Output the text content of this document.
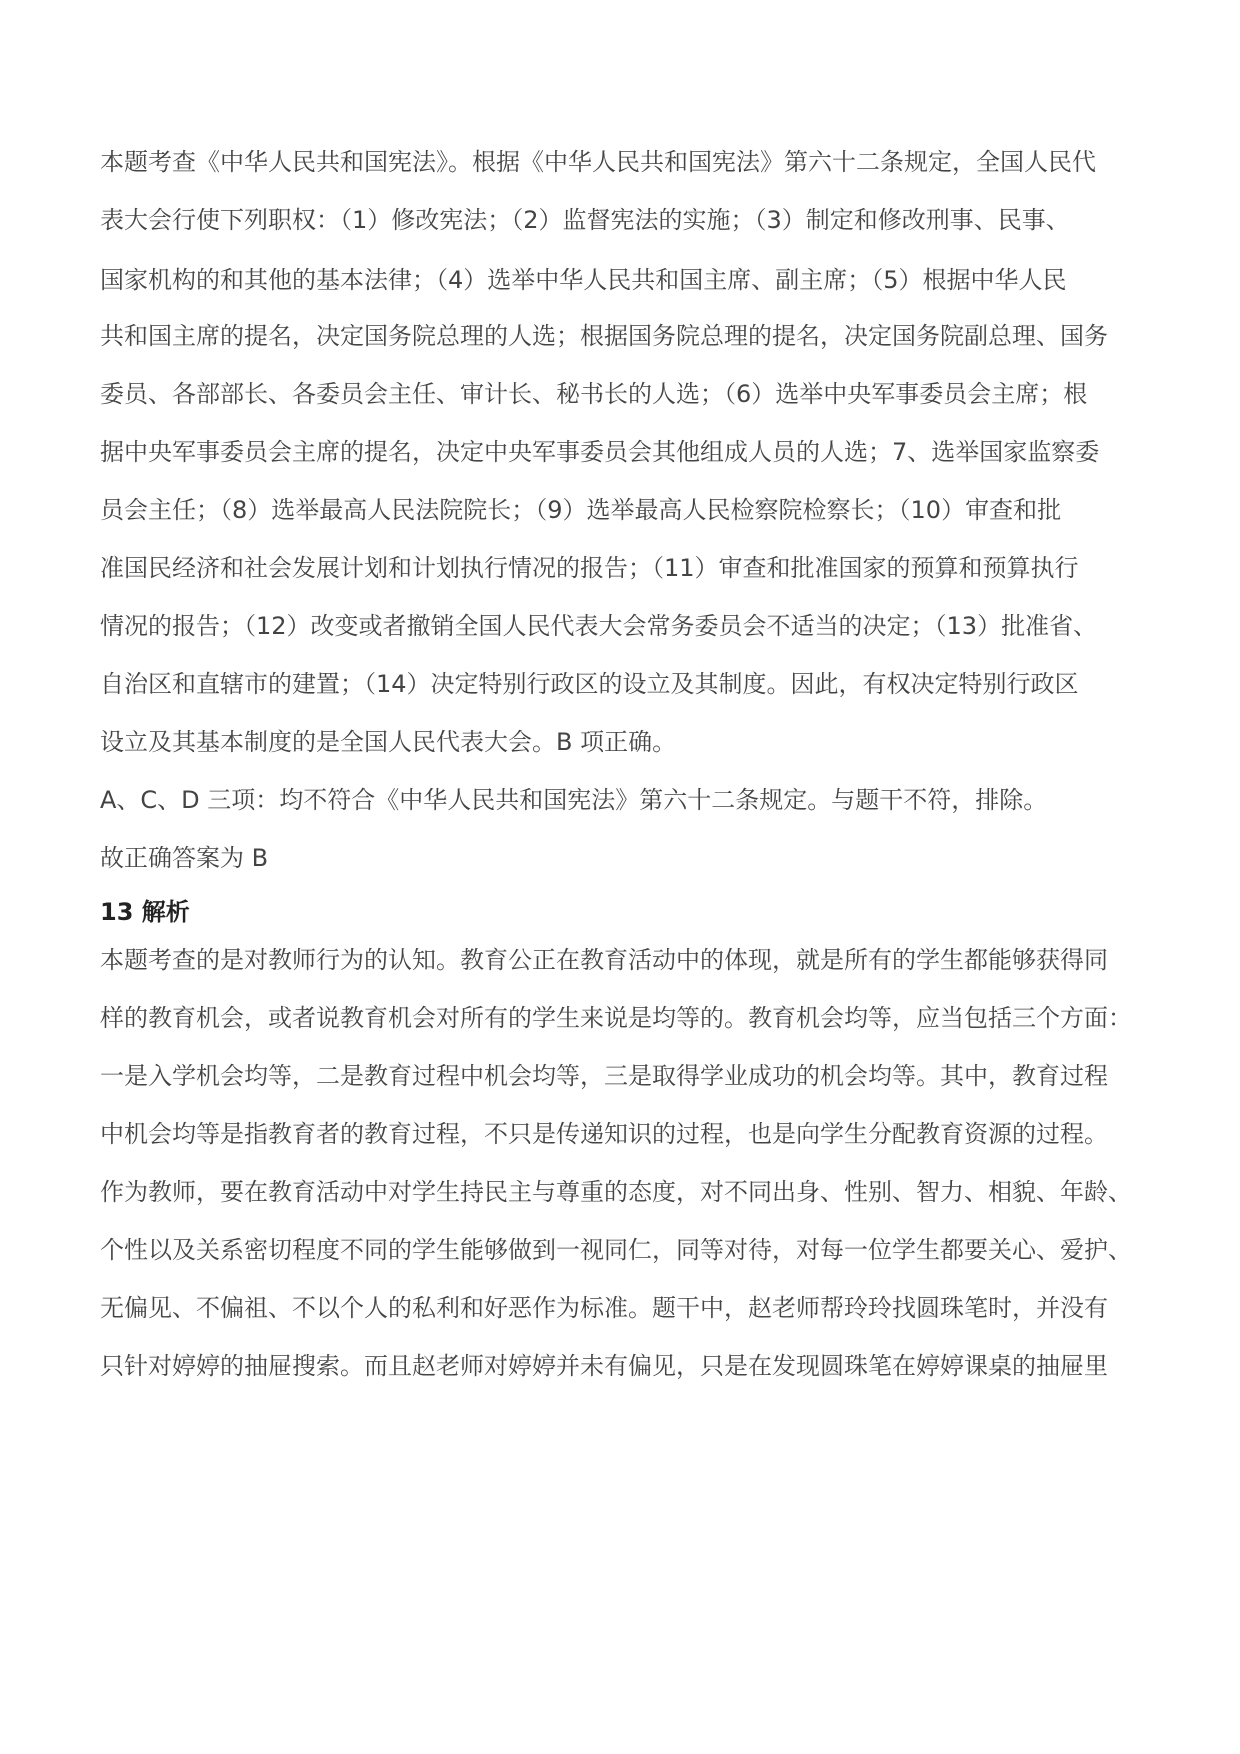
本题考查《中华人民共和国宪法》。根据《中华人民共和国宪法》第六十二条规定，全国人民代
表大会行使下列职权：（1）修改宪法；（2）监督宪法的实施；（3）制定和修改刑事、民事、
国家机构的和其他的基本法律；（4）选举中华人民共和国主席、副主席；（5）根据中华人民
共和国主席的提名，决定国务院总理的人选；根据国务院总理的提名，决定国务院副总理、国务
委员、各部部长、各委员会主任、审计长、秘书长的人选；（6）选举中央军事委员会主席；根
据中央军事委员会主席的提名，决定中央军事委员会其他组成人员的人选；7、选举国家监察委
员会主任；（8）选举最高人民法院院长；（9）选举最高人民检察院检察长；（10）审查和批
准国民经济和社会发展计划和计划执行情况的报告；（11）审查和批准国家的预算和预算执行
情况的报告；（12）改变或者撤销全国人民代表大会常务委员会不适当的决定；（13）批准省、
自治区和直辖市的建置；（14）决定特别行政区的设立及其制度。因此，有权决定特别行政区
设立及其基本制度的是全国人民代表大会。B 项正确。
A、C、D 三项：均不符合《中华人民共和国宪法》第六十二条规定。与题干不符，排除。
故正确答案为 B
13 解析
本题考查的是对教师行为的认知。教育公正在教育活动中的体现，就是所有的学生都能够获得同
样的教育机会，或者说教育机会对所有的学生来说是均等的。教育机会均等，应当包括三个方面：
一是入学机会均等，二是教育过程中机会均等，三是取得学业成功的机会均等。其中，教育过程
中机会均等是指教育者的教育过程，不只是传递知识的过程，也是向学生分配教育资源的过程。
作为教师，要在教育活动中对学生持民主与尊重的态度，对不同出身、性别、智力、相貌、年龄、
个性以及关系密切程度不同的学生能够做到一视同仁，同等对待，对每一位学生都要关心、爱护、
无偏见、不偏祖、不以个人的私利和好恶作为标准。题干中，赵老师帮玲玲找圆珠笔时，并没有
只针对婷婷的抽屉搜索。而且赵老师对婷婷并未有偏见，只是在发现圆珠笔在婷婷课桌的抽屉里
